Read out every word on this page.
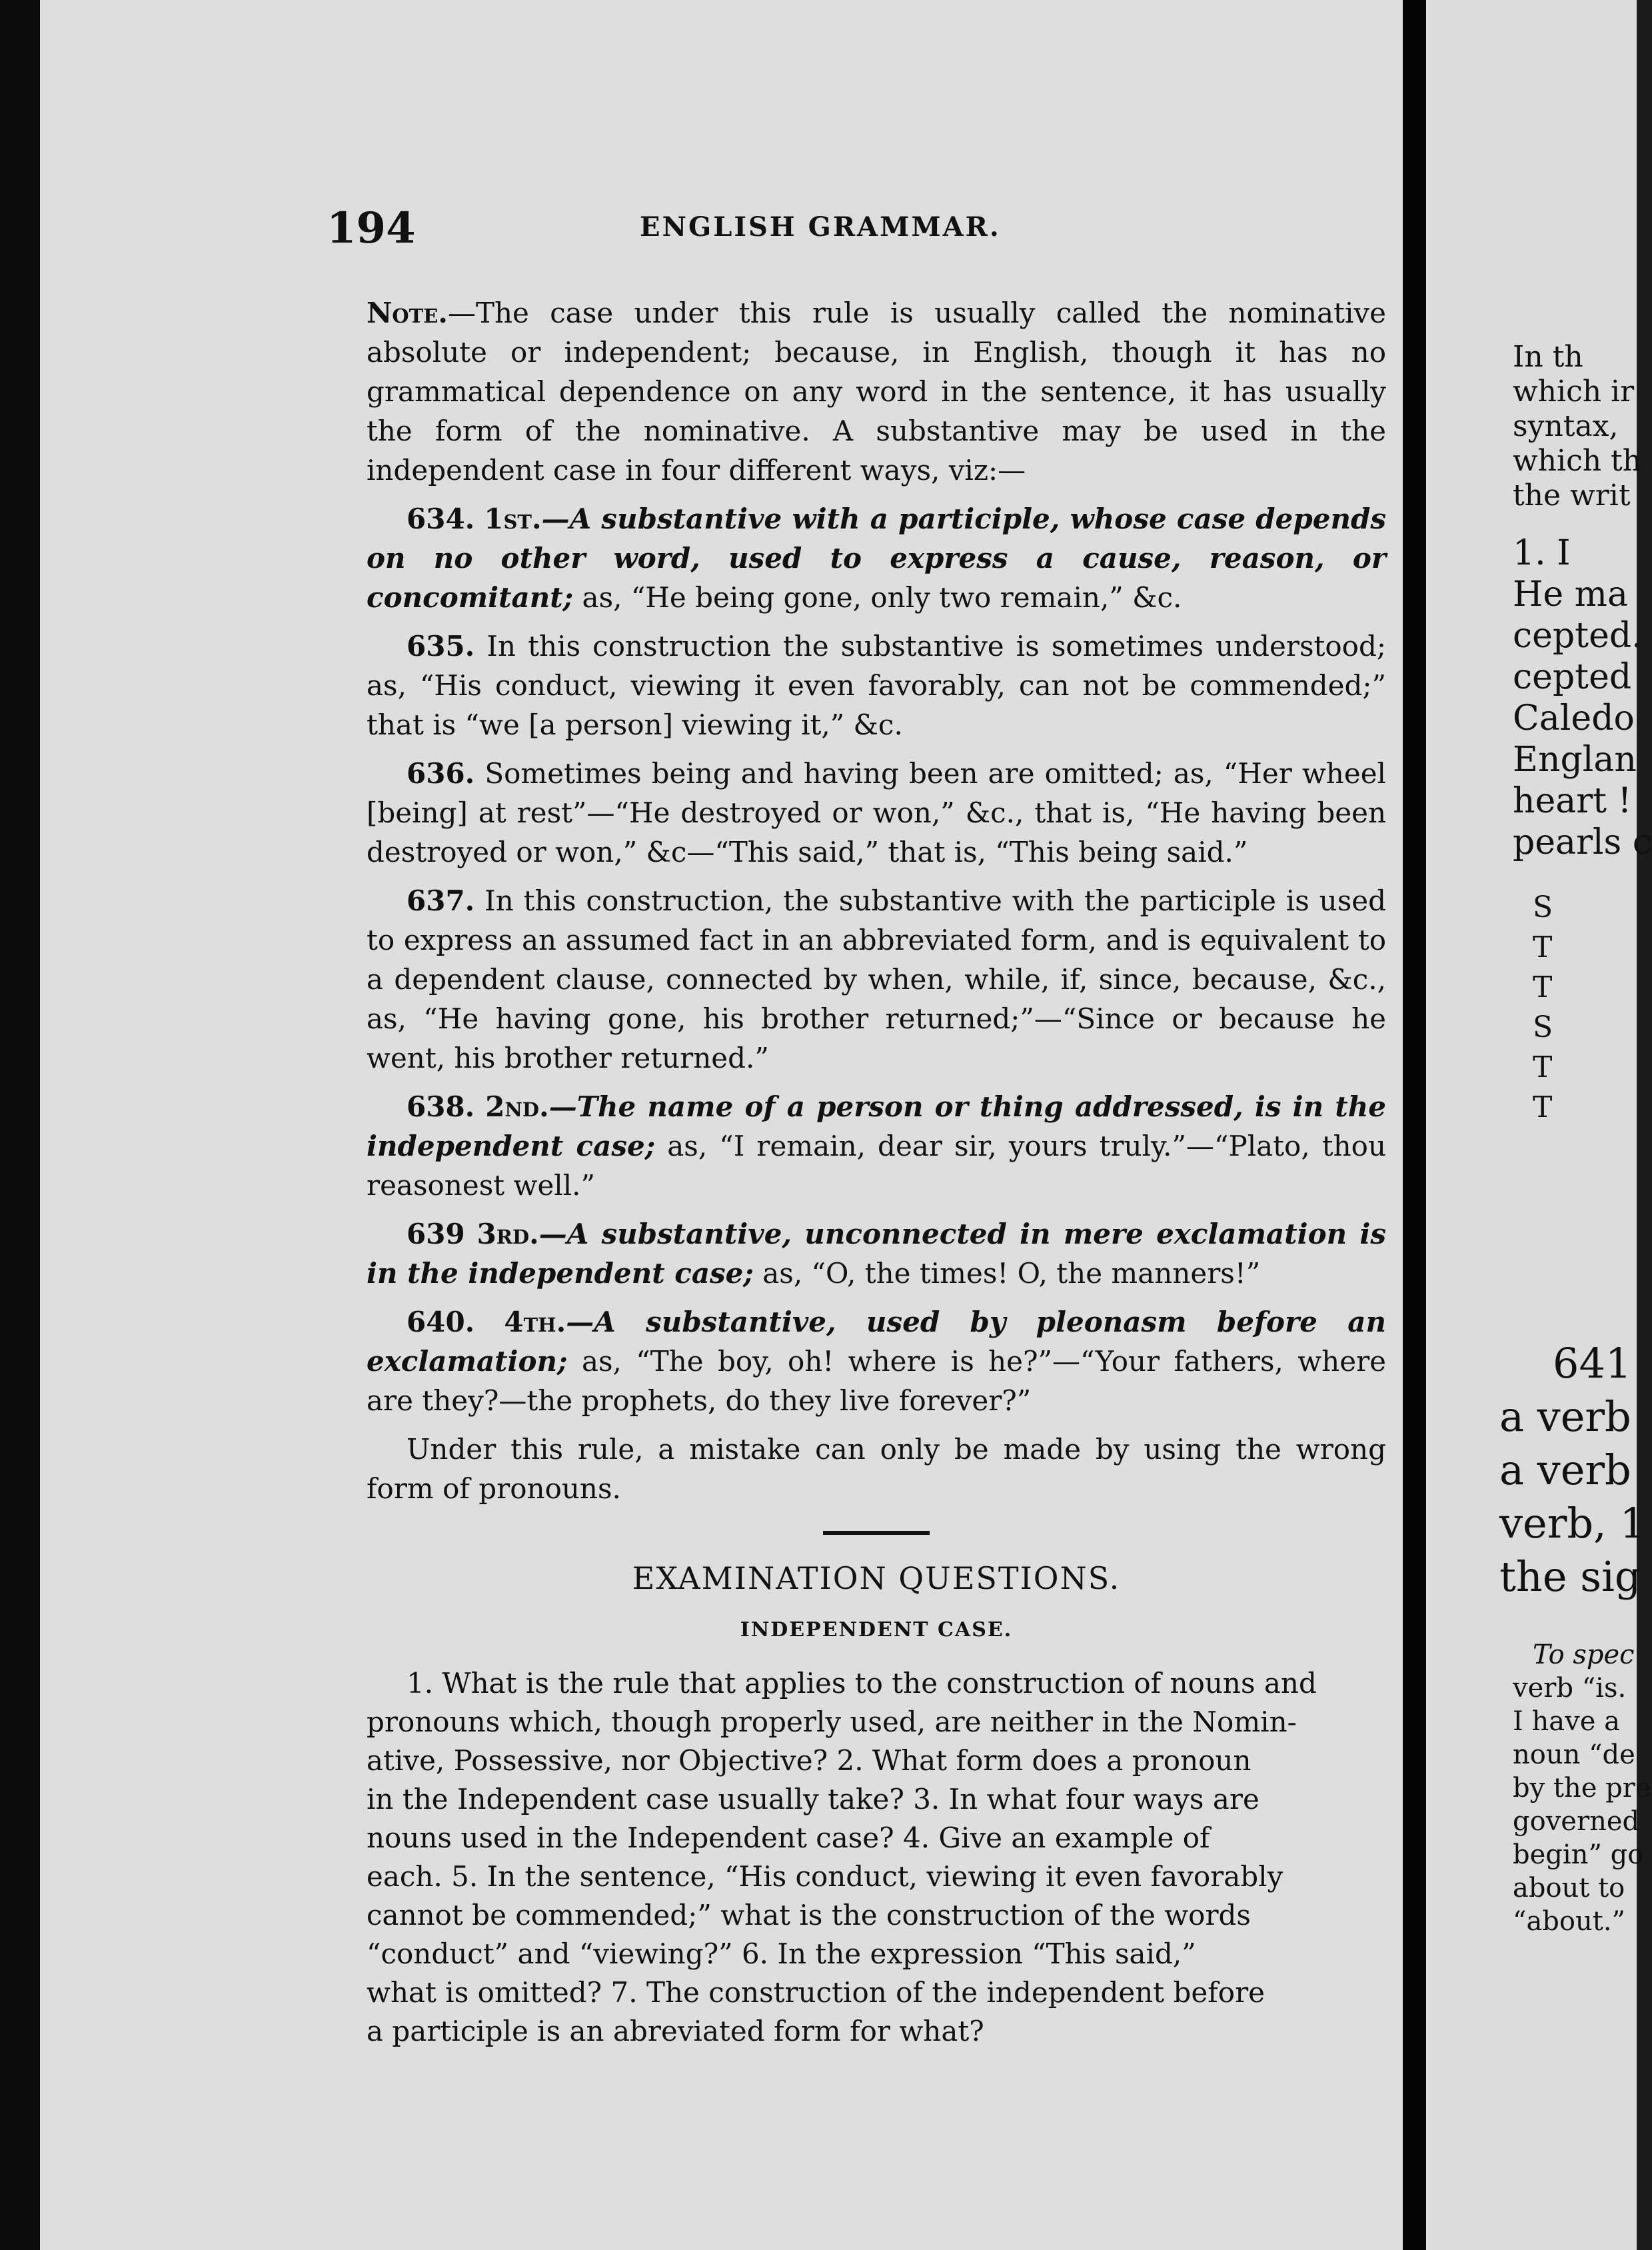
194	ENGLISH GRAMMAR.

Note.—The case under this rule is usually called the nominative absolute or independent; because, in English, though it has no grammatical dependence on any word in the sentence, it has usually the form of the nominative. A substantive may be used in the independent case in four different ways, viz:—

634. 1st.—A substantive with a participle, whose case depends on no other word, used to express a cause, reason, or concomitant; as, “He being gone, only two remain,” &c.

635. In this construction the substantive is sometimes understood; as, “His conduct, viewing it even favorably, can not be commended;” that is “we [a person] viewing it,” &c.

636. Sometimes being and having been are omitted; as, “Her wheel [being] at rest”—“He destroyed or won,” &c., that is, “He having been destroyed or won,” &c—“This said,” that is, “This being said.”

637. In this construction, the substantive with the participle is used to express an assumed fact in an abbreviated form, and is equivalent to a dependent clause, connected by when, while, if, since, because, &c., as, “He having gone, his brother returned;”—“Since or because he went, his brother returned.”

638. 2nd.—The name of a person or thing addressed, is in the independent case; as, “I remain, dear sir, yours truly.”—“Plato, thou reasonest well.”

639 3rd.—A substantive, unconnected in mere exclamation is in the independent case; as, “O, the times! O, the manners!”

640. 4th.—A substantive, used by pleonasm before an exclamation; as, “The boy, oh! where is he?”—“Your fathers, where are they?—the prophets, do they live forever?”

Under this rule, a mistake can only be made by using the wrong form of pronouns.

EXAMINATION QUESTIONS.
INDEPENDENT CASE.
1. What is the rule that applies to the construction of nouns and
pronouns which, though properly used, are neither in the Nomin-
ative, Possessive, nor Objective? 2. What form does a pronoun
in the Independent case usually take? 3. In what four ways are
nouns used in the Independent case? 4. Give an example of
each. 5. In the sentence, “His conduct, viewing it even favorably
cannot be commended;” what is the construction of the words
“conduct” and “viewing?” 6. In the expression “This said,”
what is omitted? 7. The construction of the independent before
a participle is an abreviated form for what?
In th
which ir
syntax,
which th
the writ
1. I
He ma
cepted.
cepted
Caledo
Englan
heart !
pearls c
S
T
T
S
T
T
641
a verb
a verb
verb, 1
the sig
To spec
verb “is.
I have a
noun “de
by the pre
governed
begin” go
about to
“about.”
